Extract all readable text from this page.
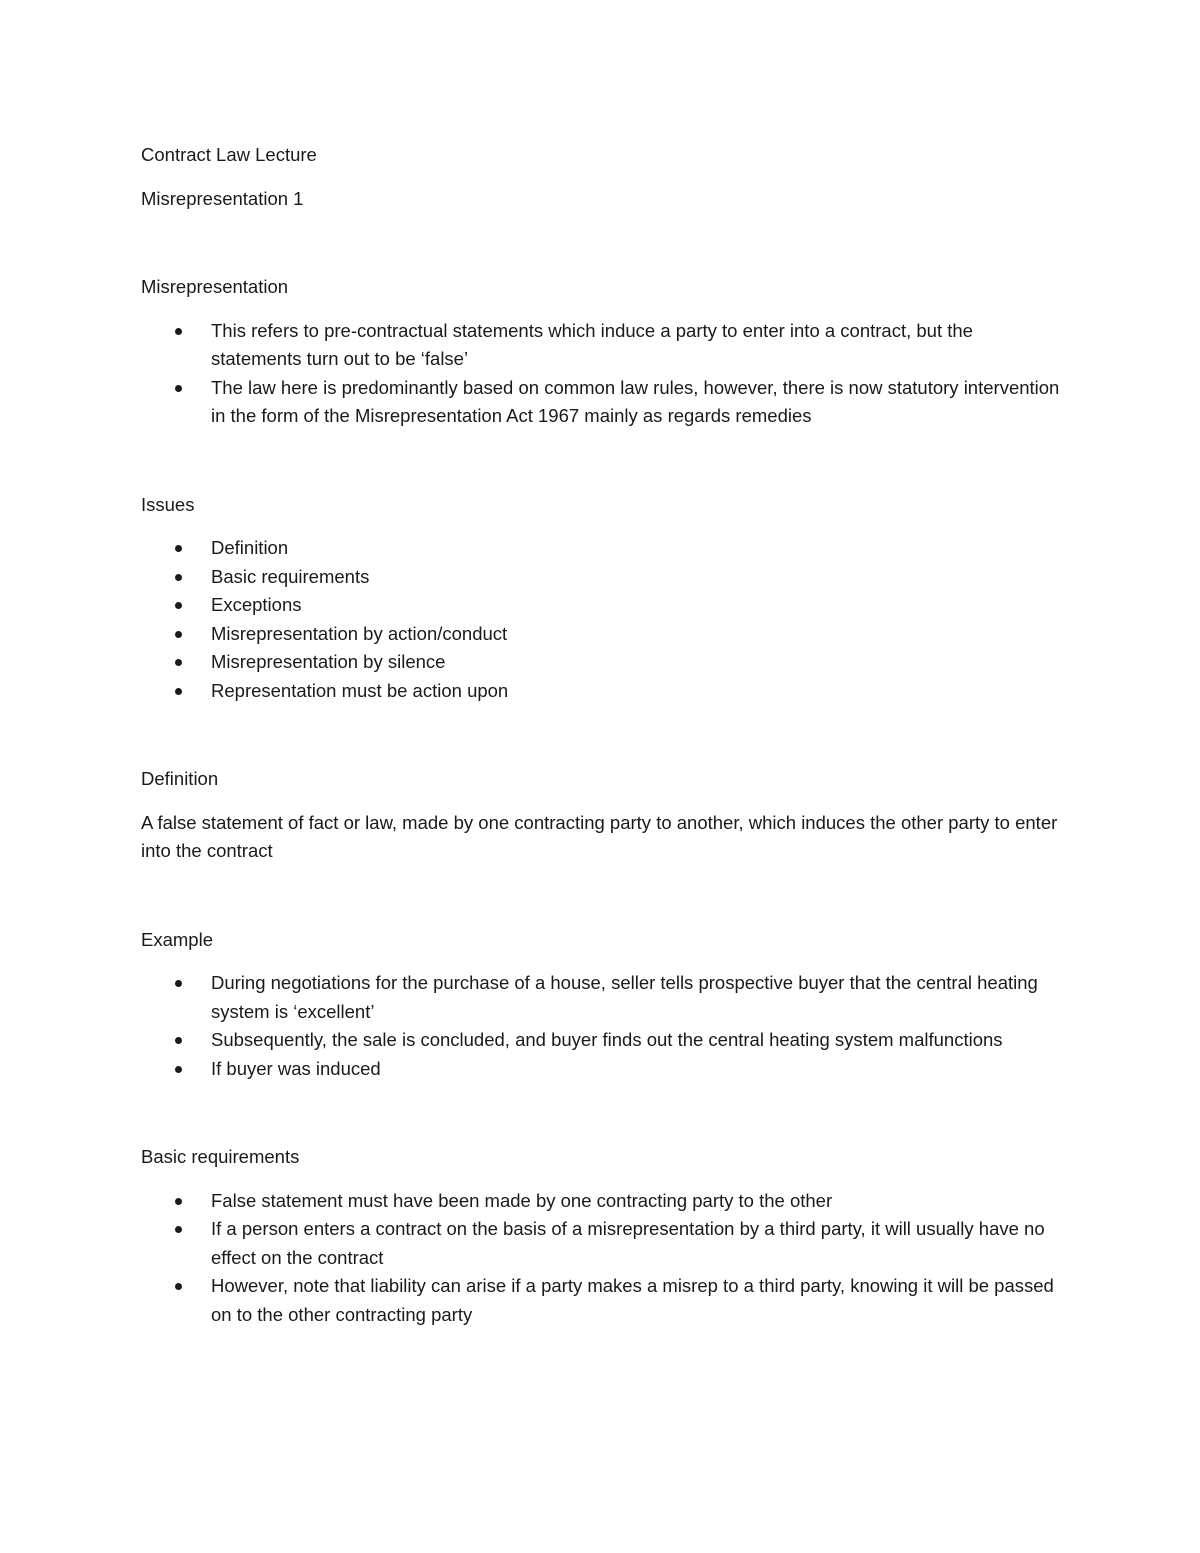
Contract Law Lecture

Misrepresentation 1

Misrepresentation

This refers to pre-contractual statements which induce a party to enter into a contract, but the statements turn out to be ‘false’
The law here is predominantly based on common law rules, however, there is now statutory intervention in the form of the Misrepresentation Act 1967 mainly as regards remedies

Issues

Definition
Basic requirements
Exceptions
Misrepresentation by action/conduct
Misrepresentation by silence
Representation must be action upon

Definition

A false statement of fact or law, made by one contracting party to another, which induces the other party to enter into the contract

Example

During negotiations for the purchase of a house, seller tells prospective buyer that the central heating system is ‘excellent’
Subsequently, the sale is concluded, and buyer finds out the central heating system malfunctions
If buyer was induced

Basic requirements

False statement must have been made by one contracting party to the other
If a person enters a contract on the basis of a misrepresentation by a third party, it will usually have no effect on the contract
However, note that liability can arise if a party makes a misrep to a third party, knowing it will be passed on to the other contracting party
